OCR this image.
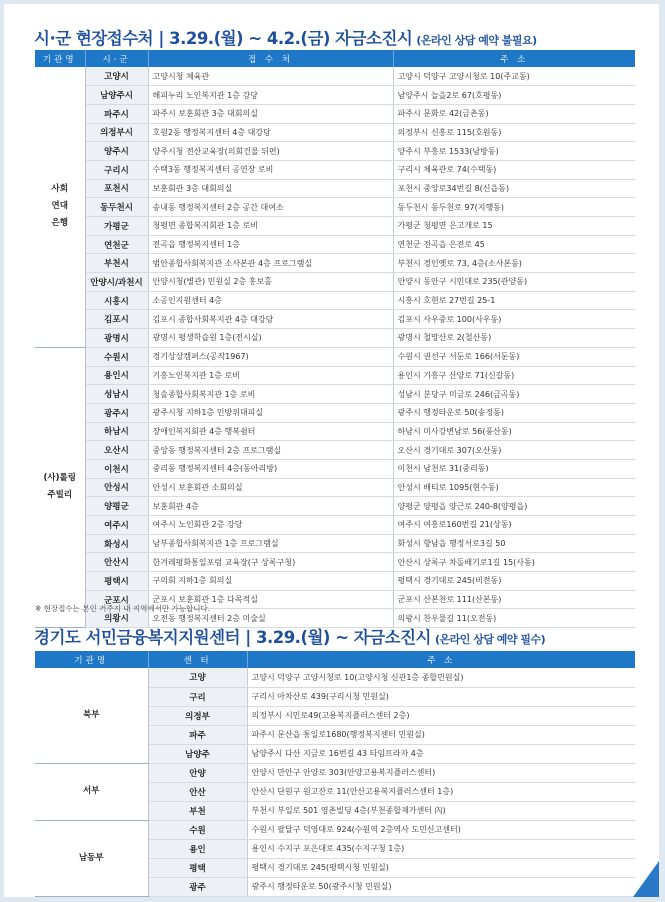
시·군 현장접수처 | 3.29.(월) ~ 4.2.(금) 자금소진시 (온라인 상담 예약 불필요)
기관명	시·군	접 수 처	주 소
사회
연대
은행	고양시	고양시청 체육관	고양시 덕양구 고양시청로 10(주교동)
	남양주시	해피누리 노인복지관 1층 강당	남양주시 늘을2로 67(호평동)
	파주시	파주시 보훈회관 3층 대회의실	파주시 문화로 42(금촌동)
	의정부시	호원2동 행정복지센터 4층 대강당	의정부시 신흥로 115(호원동)
	양주시	양주시청 전산교육장(의회건물 뒤편)	양주시 부흥로 1533(남방동)
	구리시	수택3동 행정복지센터 공연장 로비	구리시 체육관로 74(수택동)
	포천시	보훈회관 3층 대회의실	포천시 중앙로34번길 8(신읍동)
	동두천시	송내동 행정복지센터 2층 공간 대여소	동두천시 동두천로 97(지행동)
	가평군	청평면 종합복지회관 1층 로비	가평군 청평면 은고개로 15
	연천군	전곡읍 행정복지센터 1층	연천군 전곡읍 은전로 45
	부천시	범안종합사회복지관 소사본관 4층 프로그램실	부천시 경인옛로 73, 4층(소사본동)
	안양시/과천시	안양시청(별관) 민원실 2층 홍보홀	안양시 동안구 시민대로 235(관양동)
	시흥시	소공인지원센터 4층	시흥시 호현로 27번길 25-1
	김포시	김포시 종합사회복지관 4층 대강당	김포시 사우중로 100(사우동)
	광명시	광명시 평생학습원 1층(전시실)	광명시 철망산로 2(철산동)
(사)롤링
주빌리	수원시	경기상상캠퍼스(공작1967)	수원시 권선구 서둔로 166(서둔동)
	용인시	기흥노인복지관 1층 로비	용인시 기흥구 산양로 71(신갈동)
	성남시	청솔종합사회복지관 1층 로비	성남시 분당구 미금로 246(금곡동)
	광주시	광주시청 지하1층 민방위대피실	광주시 행정타운로 50(송정동)
	하남시	장애인복지회관 4층 행복쉼터	하남시 미사강변남로 56(풍산동)
	오산시	중앙동 행정복지센터 2층 프로그램실	오산시 경기대로 307(오산동)
	이천시	중리동 행정복지센터 4층(동아리방)	이천시 남천로 31(중리동)
	안성시	안성시 보훈회관 소회의실	안성시 배티로 1095(현수동)
	양평군	보훈회관 4층	양평군 양평읍 양근로 240-8(양평읍)
	여주시	여주시 노인회관 2층 강당	여주시 여흥로160번길 21(상동)
	화성시	남부종합사회복지관 1층 프로그램실	화성시 향남읍 행정서로3길 50
	안산시	한겨레평화통일포럼 교육장(구 상록구청)	안산시 상록구 차돌배기로1길 15(사동)
	평택시	구의회 지하1층 회의실	평택시 경기대로 245(비전동)
	군포시	군포시 보훈회관 1층 다목적실	군포시 산본천로 111(산본동)
	의왕시	오전동 행정복지센터 2층 미술실	의왕시 찬우물길 11(오전동)
※ 현장접수는 본인 거주지 내 지역에서만 가능합니다.
경기도 서민금융복지지원센터 | 3.29.(월) ~ 자금소진시 (온라인 상담 예약 필수)
기관명	센 터	주 소
북부	고양	고양시 덕양구 고양시청로 10(고양시청 신관1층 종합민원실)
	구리	구리시 아차산로 439(구리시청 민원실)
	의정부	의정부시 시민로49(고용복지플러스센터 2층)
	파주	파주시 문산읍 통일로1680(행정복지센터 민원실)
	남양주	남양주시 다산 지금로 16번길 43 타임프라자 4층
서부	안양	안양시 만안구 안양로 303(안양고용복지플러스센터)
	안산	안산시 단원구 원고잔로 11(안산고용복지플러스센터 1층)
	부천	부천시 부일로 501 영촌빌딩 4층(부천종합재가센터 內)
남동부	수원	수원시 팔달구 덕영대로 924(수원역 2층역사 도민신고센터)
	용인	용인시 수지구 포은대로 435(수지구청 1층)
	평택	평택시 경기대로 245(평택시청 민원실)
	광주	광주시 행정타운로 50(광주시청 민원실)
